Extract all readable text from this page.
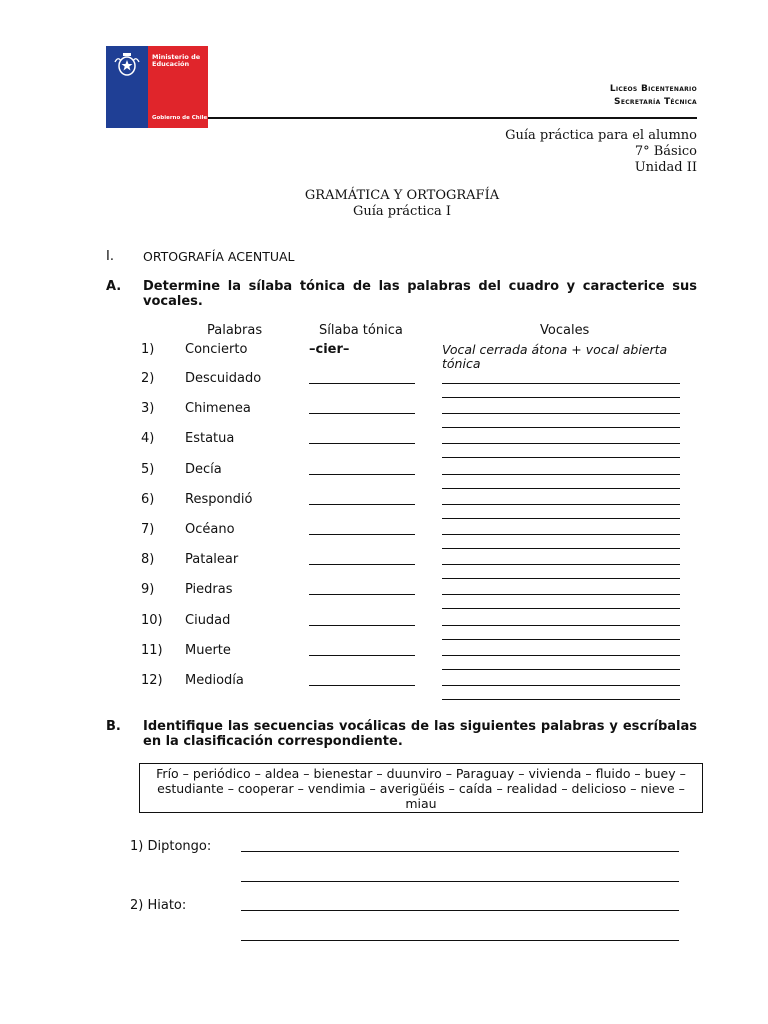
Ministerio de
Educación
Gobierno de Chile
Liceos Bicentenario
Secretaría Técnica
Guía práctica para el alumno
7° Básico
Unidad II
GRAMÁTICA Y ORTOGRAFÍA
Guía práctica I
I. ORTOGRAFÍA ACENTUAL
A. Determine la sílaba tónica de las palabras del cuadro y caracterice sus vocales.
Palabras	Sílaba tónica	Vocales
1) Concierto	–cier–	Vocal cerrada átona + vocal abierta tónica
2) Descuidado
3) Chimenea
4) Estatua
5) Decía
6) Respondió
7) Océano
8) Patalear
9) Piedras
10) Ciudad
11) Muerte
12) Mediodía
B. Identifique las secuencias vocálicas de las siguientes palabras y escríbalas en la clasificación correspondiente.
Frío – periódico – aldea – bienestar – duunviro – Paraguay – vivienda – fluido – buey – estudiante – cooperar – vendimia – averigüéis – caída – realidad – delicioso – nieve – miau
1) Diptongo:
2) Hiato:
